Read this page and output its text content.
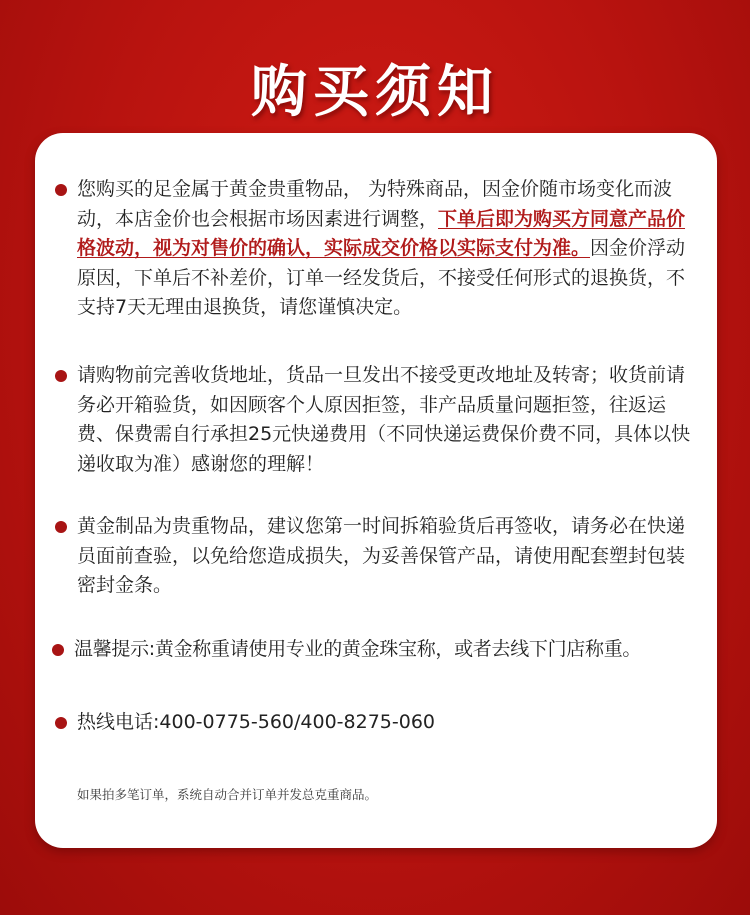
购买须知
您购买的足金属于黄金贵重物品， 为特殊商品，因金价随市场变化而波动，本店金价也会根据市场因素进行调整，下单后即为购买方同意产品价格波动，视为对售价的确认，实际成交价格以实际支付为准。因金价浮动原因，下单后不补差价，订单一经发货后，不接受任何形式的退换货，不支持7天无理由退换货，请您谨慎决定。
请购物前完善收货地址，货品一旦发出不接受更改地址及转寄；收货前请务必开箱验货，如因顾客个人原因拒签，非产品质量问题拒签，往返运费、保费需自行承担25元快递费用（不同快递运费保价费不同，具体以快递收取为准）感谢您的理解！
黄金制品为贵重物品，建议您第一时间拆箱验货后再签收，请务必在快递员面前查验，以免给您造成损失，为妥善保管产品，请使用配套塑封包装密封金条。
温馨提示:黄金称重请使用专业的黄金珠宝称，或者去线下门店称重。
热线电话:400-0775-560/400-8275-060
如果拍多笔订单，系统自动合并订单并发总克重商品。
